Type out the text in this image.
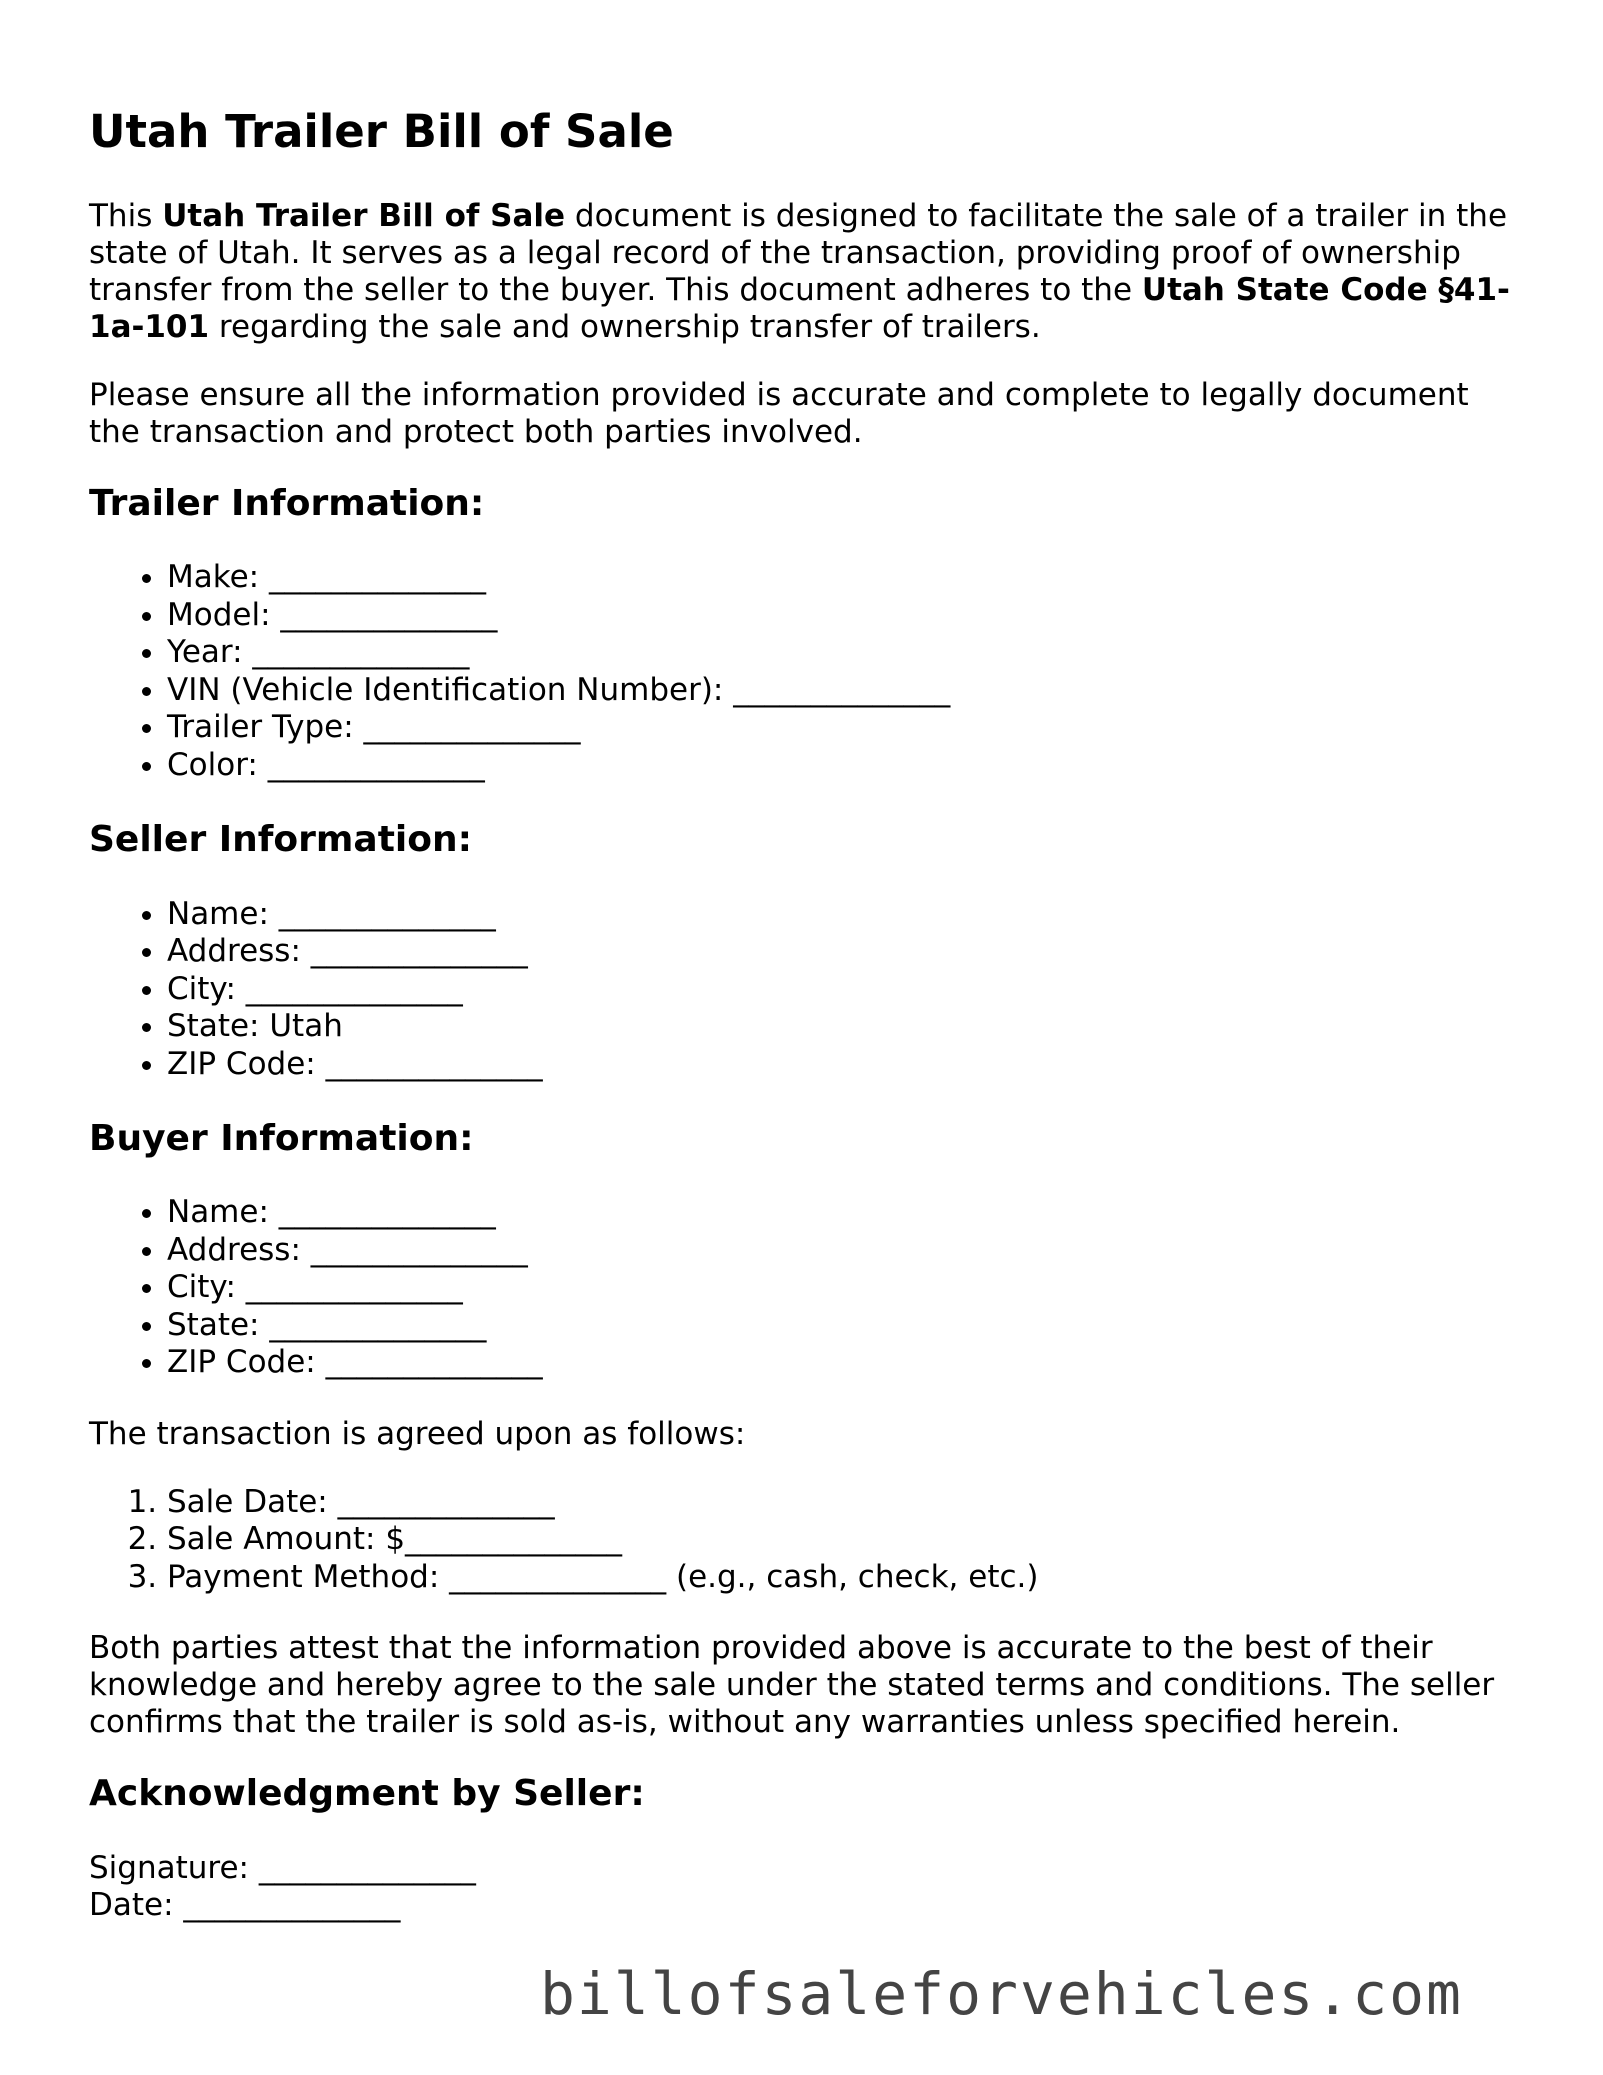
Utah Trailer Bill of Sale

This Utah Trailer Bill of Sale document is designed to facilitate the sale of a trailer in the state of Utah. It serves as a legal record of the transaction, providing proof of ownership transfer from the seller to the buyer. This document adheres to the Utah State Code §41-1a-101 regarding the sale and ownership transfer of trailers.

Please ensure all the information provided is accurate and complete to legally document the transaction and protect both parties involved.

Trailer Information:
• Make: ______________
• Model: ______________
• Year: ______________
• VIN (Vehicle Identification Number): ______________
• Trailer Type: ______________
• Color: ______________
Seller Information:
• Name: ______________
• Address: ______________
• City: ______________
• State: Utah
• ZIP Code: ______________
Buyer Information:
• Name: ______________
• Address: ______________
• City: ______________
• State: ______________
• ZIP Code: ______________

The transaction is agreed upon as follows:

1. Sale Date: ______________
2. Sale Amount: $______________
3. Payment Method: ______________ (e.g., cash, check, etc.)

Both parties attest that the information provided above is accurate to the best of their knowledge and hereby agree to the sale under the stated terms and conditions. The seller confirms that the trailer is sold as-is, without any warranties unless specified herein.

Acknowledgment by Seller:
Signature: ______________
Date: ______________
billofsaleforvehicles.com
